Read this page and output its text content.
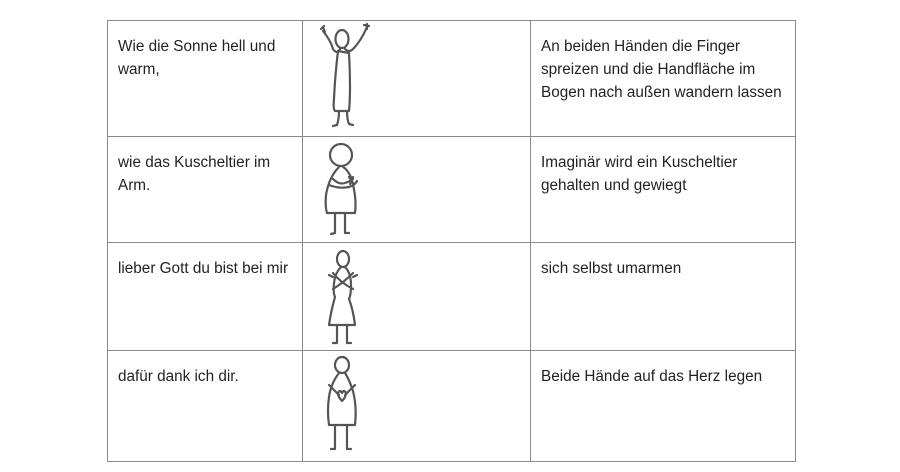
Wie die Sonne hell und warm,		An beiden Händen die Finger spreizen und die Handfläche im Bogen nach außen wandern lassen
wie das Kuscheltier im Arm.		Imaginär wird ein Kuscheltier gehalten und gewiegt
lieber Gott du bist bei mir		sich selbst umarmen
dafür dank ich dir.		Beide Hände auf das Herz legen
